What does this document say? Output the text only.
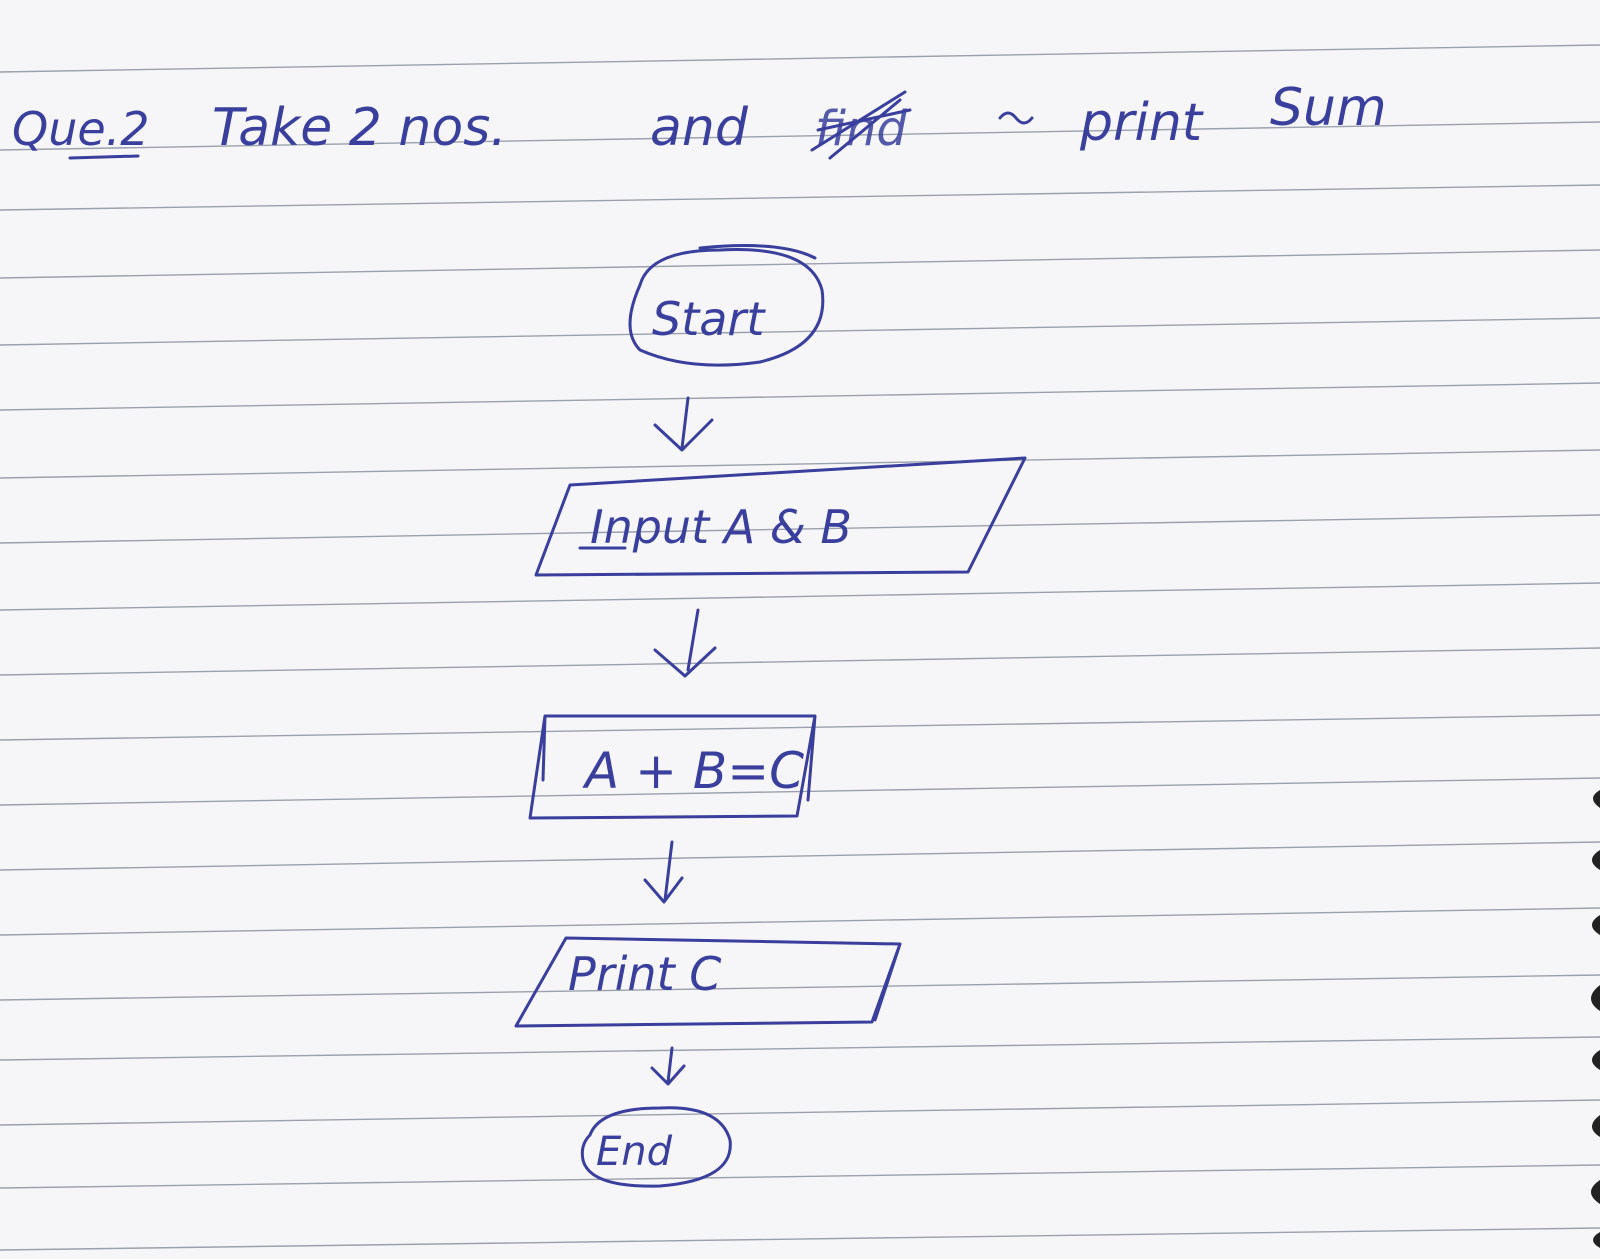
Que.2 Take 2 nos.	and find	print Sum
Start
Input A & B
A + B=C
Print C
End
